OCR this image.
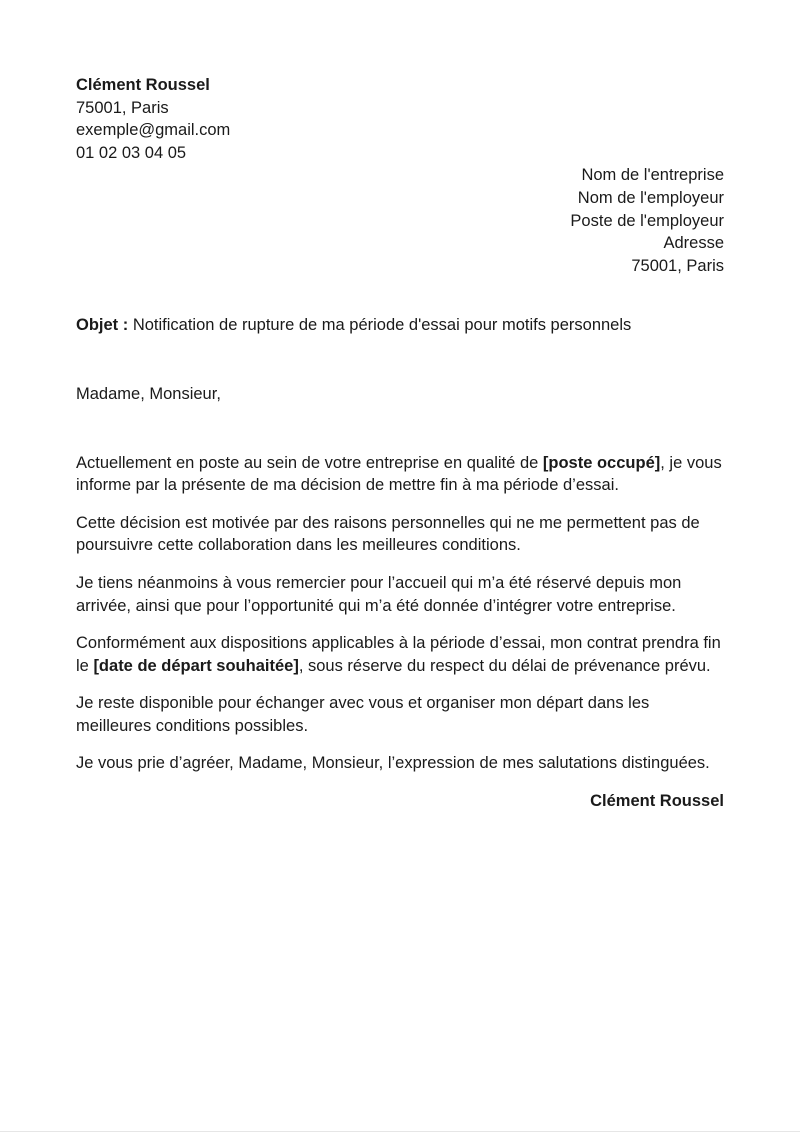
Clément Roussel
75001, Paris
exemple@gmail.com
01 02 03 04 05
Nom de l'entreprise
Nom de l'employeur
Poste de l'employeur
Adresse
75001, Paris
Objet : Notification de rupture de ma période d'essai pour motifs personnels
Madame, Monsieur,

Actuellement en poste au sein de votre entreprise en qualité de [poste occupé], je vous informe par la présente de ma décision de mettre fin à ma période d’essai.

Cette décision est motivée par des raisons personnelles qui ne me permettent pas de poursuivre cette collaboration dans les meilleures conditions.

Je tiens néanmoins à vous remercier pour l’accueil qui m’a été réservé depuis mon arrivée, ainsi que pour l’opportunité qui m’a été donnée d’intégrer votre entreprise.

Conformément aux dispositions applicables à la période d’essai, mon contrat prendra fin le [date de départ souhaitée], sous réserve du respect du délai de prévenance prévu.

Je reste disponible pour échanger avec vous et organiser mon départ dans les meilleures conditions possibles.

Je vous prie d’agréer, Madame, Monsieur, l’expression de mes salutations distinguées.

Clément Roussel
